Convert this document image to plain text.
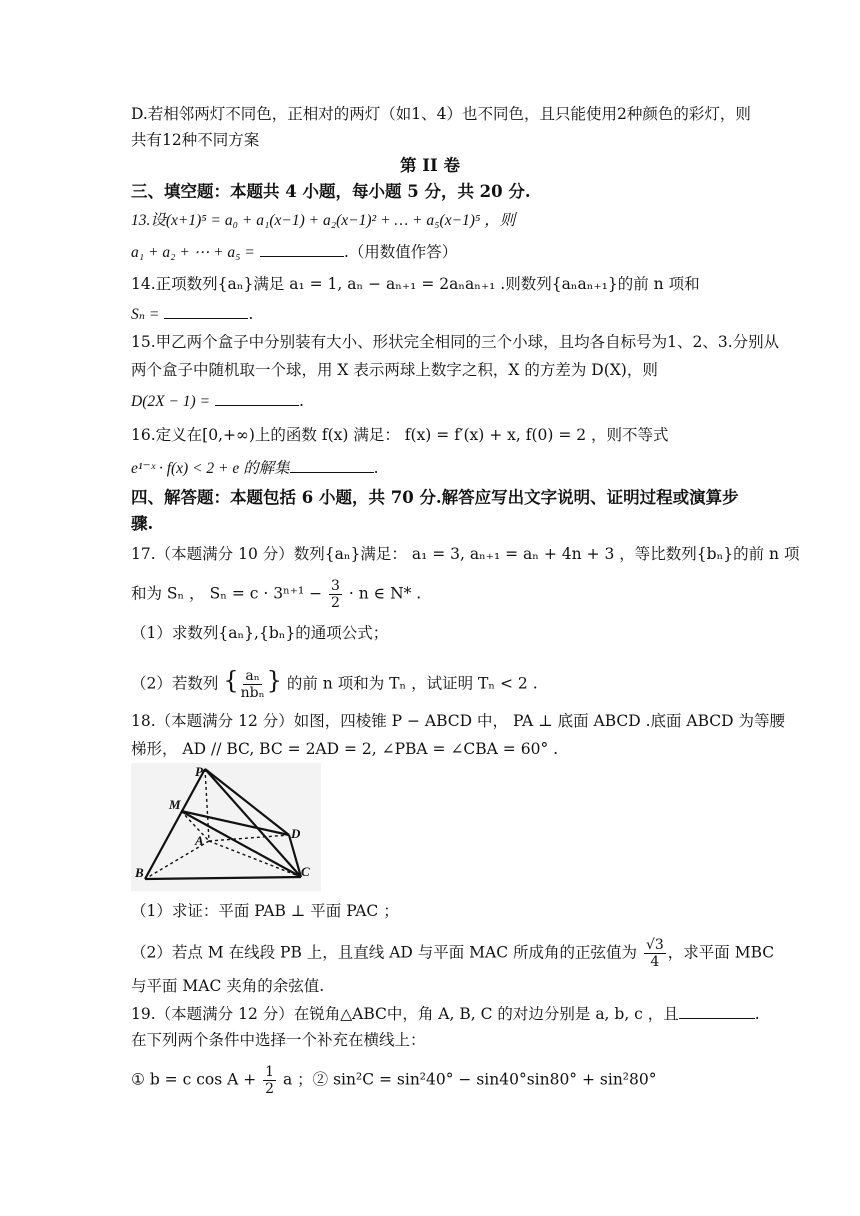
D.若相邻两灯不同色，正相对的两灯（如1、4）也不同色，且只能使用2种颜色的彩灯，则
共有12种不同方案
第 II 卷
三、填空题：本题共 4 小题，每小题 5 分，共 20 分.
13.设(x+1)⁵ = a₀ + a₁(x−1) + a₂(x−1)² + … + a₅(x−1)⁵ ，则
a₁ + a₂ + ⋯ + a₅ =	.（用数值作答）
14.正项数列{aₙ}满足 a₁ = 1, aₙ − aₙ₊₁ = 2aₙaₙ₊₁ .则数列{aₙaₙ₊₁}的前 n 项和
Sₙ =	.
15.甲乙两个盒子中分别装有大小、形状完全相同的三个小球，且均各自标号为1、2、3.分别从
两个盒子中随机取一个球，用 X 表示两球上数字之积，X 的方差为 D(X)，则
D(2X − 1) =	.
16.定义在[0,+∞)上的函数 f(x) 满足： f(x) = f′(x) + x, f(0) = 2 ，则不等式
e¹⁻ˣ · f(x) < 2 + e 的解集	.
四、解答题：本题包括 6 小题，共 70 分.解答应写出文字说明、证明过程或演算步
骤.
17.（本题满分 10 分）数列{aₙ}满足： a₁ = 3, aₙ₊₁ = aₙ + 4n + 3 ，等比数列{bₙ}的前 n 项
和为 Sₙ ， $S_n = c \cdot 3^{n+1} - \frac{3}{2} \cdot n$ ∈ N* .
（1）求数列{aₙ},{bₙ}的通项公式；
（2）若数列 { $\frac{\text{aₙ}}{\text{nbₙ}}$ } 的前 n 项和为 Tₙ ，试证明 Tₙ < 2 .
18.（本题满分 12 分）如图，四棱锥 P − ABCD 中， PA ⊥ 底面 ABCD .底面 ABCD 为等腰
梯形， AD // BC, BC = 2AD = 2, ∠PBA = ∠CBA = 60° .
P
M
A	D
B	C
（1）求证：平面 PAB ⊥ 平面 PAC ；
（2）若点 M 在线段 PB 上，且直线 AD 与平面 MAC 所成角的正弦值为 $\frac{√3}{4}$ ，求平面 MBC
与平面 MAC 夹角的余弦值.
19.（本题满分 12 分）在锐角△ABC中，角 A, B, C 的对边分别是 a, b, c ，且	.
在下列两个条件中选择一个补充在横线上：
① b = c $\cos A + \frac{1}{2}$ a ；② sin²C = sin²40° − sin40°sin80° + sin²80°
